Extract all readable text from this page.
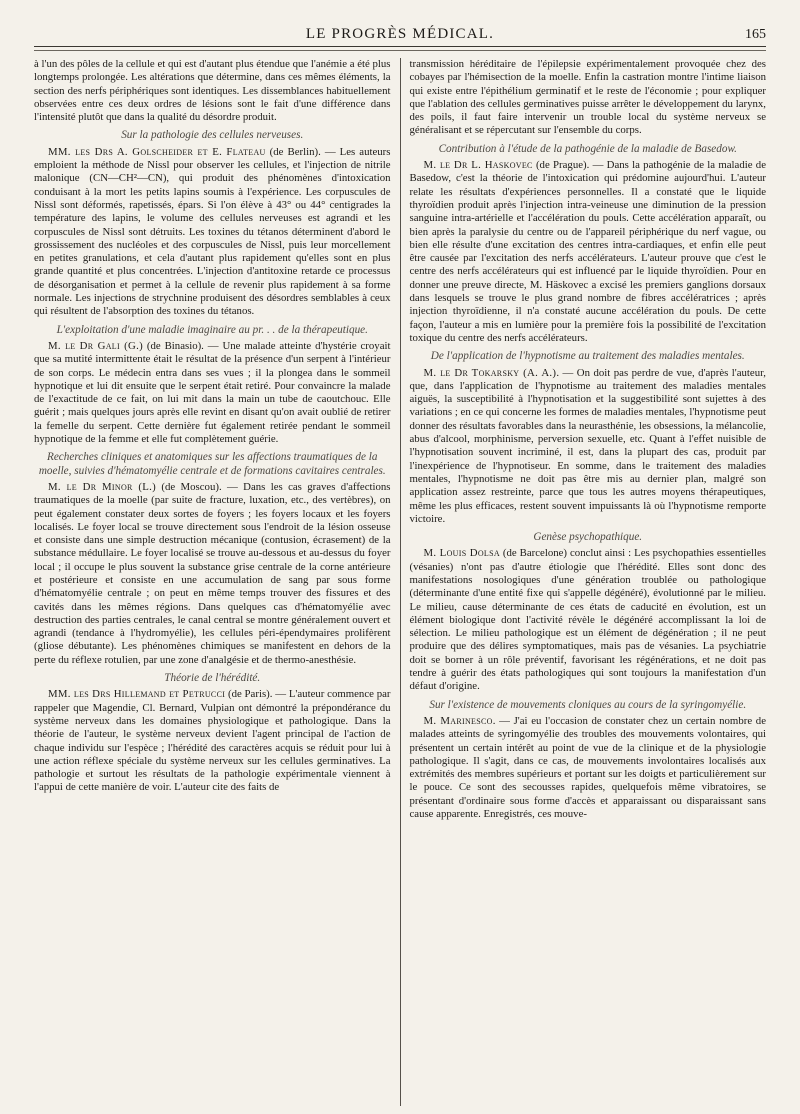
LE PROGRÈS MÉDICAL.	165

à l'un des pôles de la cellule et qui est d'autant plus étendue que l'anémie a été plus longtemps prolongée. Les altérations que détermine, dans ces mêmes éléments, la section des nerfs périphériques sont identiques. Les dissemblances habituellement observées entre ces deux ordres de lésions sont le fait d'une différence dans l'intensité plutôt que dans la qualité du désordre produit.

Sur la pathologie des cellules nerveuses.

MM. les Drs A. Golscheider et E. Flateau (de Berlin). — Les auteurs emploient la méthode de Nissl pour observer les cellules, et l'injection de nitrile malonique (CN—CH²—CN), qui produit des phénomènes d'intoxication conduisant à la mort les petits lapins soumis à l'expérience. Les corpuscules de Nissl sont déformés, rapetissés, épars. Si l'on élève à 43° ou 44° centigrades la température des lapins, le volume des cellules nerveuses est agrandi et les corpuscules de Nissl sont détruits. Les toxines du tétanos déterminent d'abord le grossissement des nucléoles et des corpuscules de Nissl, puis leur morcellement en petites granulations, et cela d'autant plus rapidement qu'elles sont en plus grande quantité et plus concentrées. L'injection d'antitoxine retarde ce processus de désorganisation et permet à la cellule de revenir plus rapidement à sa forme normale. Les injections de strychnine produisent des désordres semblables à ceux qui résultent de l'absorption des toxines du tétanos.

L'exploitation d'une maladie imaginaire au pr. . . de la thérapeutique.

M. le Dr Gali (G.) (de Binasio). — Une malade atteinte d'hystérie croyait que sa mutité intermittente était le résultat de la présence d'un serpent à l'intérieur de son corps. Le médecin entra dans ses vues ; il la plongea dans le sommeil hypnotique et lui dit ensuite que le serpent était retiré. Pour convaincre la malade de l'exactitude de ce fait, on lui mit dans la main un tube de caoutchouc. Elle guérit ; mais quelques jours après elle revint en disant qu'on avait oublié de retirer la femelle du serpent. Cette dernière fut également retirée pendant le sommeil hypnotique de la femme et elle fut complètement guérie.

Recherches cliniques et anatomiques sur les affections traumatiques de la moelle, suivies d'hématomyélie centrale et de formations cavitaires centrales.

M. le Dr Minor (L.) (de Moscou). — Dans les cas graves d'affections traumatiques de la moelle (par suite de fracture, luxation, etc., des vertèbres), on peut également constater deux sortes de foyers ; les foyers locaux et les foyers localisés. Le foyer local se trouve directement sous l'endroit de la lésion osseuse et consiste dans une simple destruction mécanique (contusion, écrasement) de la substance médullaire. Le foyer localisé se trouve au-dessous et au-dessus du foyer local ; il occupe le plus souvent la substance grise centrale de la corne antérieure et postérieure et consiste en une accumulation de sang par sous forme d'hématomyélie centrale ; on peut en même temps trouver des fissures et des cavités dans les mêmes régions. Dans quelques cas d'hématomyélie avec destruction des parties centrales, le canal central se montre généralement ouvert et agrandi (tendance à l'hydromyélie), les cellules péri-épendymaires prolifèrent (gliose débutante). Les phénomènes chimiques se manifestent en dehors de la perte du réflexe rotulien, par une zone d'analgésie et de thermo-anesthésie.

Théorie de l'hérédité.

MM. les Drs Hillemand et Petrucci (de Paris). — L'auteur commence par rappeler que Magendie, Cl. Bernard, Vulpian ont démontré la prépondérance du système nerveux dans les domaines physiologique et pathologique. Dans la théorie de l'auteur, le système nerveux devient l'agent principal de l'action de chaque individu sur l'espèce ; l'hérédité des caractères acquis se réduit pour lui à une action réflexe spéciale du système nerveux sur les cellules germinatives. La pathologie et surtout les résultats de la pathologie expérimentale viennent à l'appui de cette manière de voir. L'auteur cite des faits de

transmission héréditaire de l'épilepsie expérimentalement provoquée chez des cobayes par l'hémisection de la moelle. Enfin la castration montre l'intime liaison qui existe entre l'épithélium germinatif et le reste de l'économie ; pour expliquer que l'ablation des cellules germinatives puisse arrêter le développement du larynx, des poils, il faut faire intervenir un trouble local du système nerveux se généralisant et se répercutant sur l'ensemble du corps.

Contribution à l'étude de la pathogénie de la maladie de Basedow.

M. le Dr L. Haskovec (de Prague). — Dans la pathogénie de la maladie de Basedow, c'est la théorie de l'intoxication qui prédomine aujourd'hui. L'auteur relate les résultats d'expériences personnelles. Il a constaté que le liquide thyroïdien produit après l'injection intra-veineuse une diminution de la pression sanguine intra-artérielle et l'accélération du pouls. Cette accélération apparaît, ou bien après la paralysie du centre ou de l'appareil périphérique du nerf vague, ou bien elle résulte d'une excitation des centres intra-cardiaques, et enfin elle peut être causée par l'excitation des nerfs accélérateurs. L'auteur prouve que c'est le centre des nerfs accélérateurs qui est influencé par le liquide thyroïdien. Pour en donner une preuve directe, M. Häskovec a excisé les premiers ganglions dorsaux dans lesquels se trouve le plus grand nombre de fibres accélératrices ; après injection thyroïdienne, il n'a constaté aucune accélération du pouls. De cette façon, l'auteur a mis en lumière pour la première fois la possibilité de l'excitation toxique du centre des nerfs accélérateurs.

De l'application de l'hypnotisme au traitement des maladies mentales.

M. le Dr Tokarsky (A. A.). — On doit pas perdre de vue, d'après l'auteur, que, dans l'application de l'hypnotisme au traitement des maladies mentales aiguës, la susceptibilité à l'hypnotisation et la suggestibilité sont sujettes à des variations ; en ce qui concerne les formes de maladies mentales, l'hypnotisme peut donner des résultats favorables dans la neurasthénie, les obsessions, la mélancolie, abus d'alcool, morphinisme, perversion sexuelle, etc. Quant à l'effet nuisible de l'hypnotisation souvent incriminé, il est, dans la plupart des cas, produit par l'inexpérience de l'hypnotiseur. En somme, dans le traitement des maladies mentales, l'hypnotisme ne doit pas être mis au dernier plan, malgré son application assez restreinte, parce que tous les autres moyens thérapeutiques, même les plus efficaces, restent souvent impuissants là où l'hypnotisme remporte victoire.

Genèse psychopathique.

M. Louis Dolsa (de Barcelone) conclut ainsi : Les psychopathies essentielles (vésanies) n'ont pas d'autre étiologie que l'hérédité. Elles sont donc des manifestations nosologiques d'une génération troublée ou pathologique (déterminante d'une entité fixe qui s'appelle dégénéré), évolutionné par le milieu. Le milieu, cause déterminante de ces états de caducité en évolution, est un élément biologique dont l'activité révèle le dégénéré accomplissant la loi de sélection. Le milieu pathologique est un élément de dégénération ; il ne peut produire que des délires symptomatiques, mais pas de vésanies. La psychiatrie doit se borner à un rôle préventif, favorisant les régénérations, et ne doit pas tendre à guérir des états pathologiques qui sont toujours la manifestation d'un défaut d'origine.

Sur l'existence de mouvements cloniques au cours de la syringomyélie.

M. Marinesco. — J'ai eu l'occasion de constater chez un certain nombre de malades atteints de syringomyélie des troubles des mouvements volontaires, qui présentent un certain intérêt au point de vue de la clinique et de la physiologie pathologique. Il s'agit, dans ce cas, de mouvements involontaires localisés aux extrémités des membres supérieurs et portant sur les doigts et particulièrement sur le pouce. Ce sont des secousses rapides, quelquefois même vibratoires, se présentant d'ordinaire sous forme d'accès et apparaissant ou disparaissant sans cause apparente. Enregistrés, ces mouve-
